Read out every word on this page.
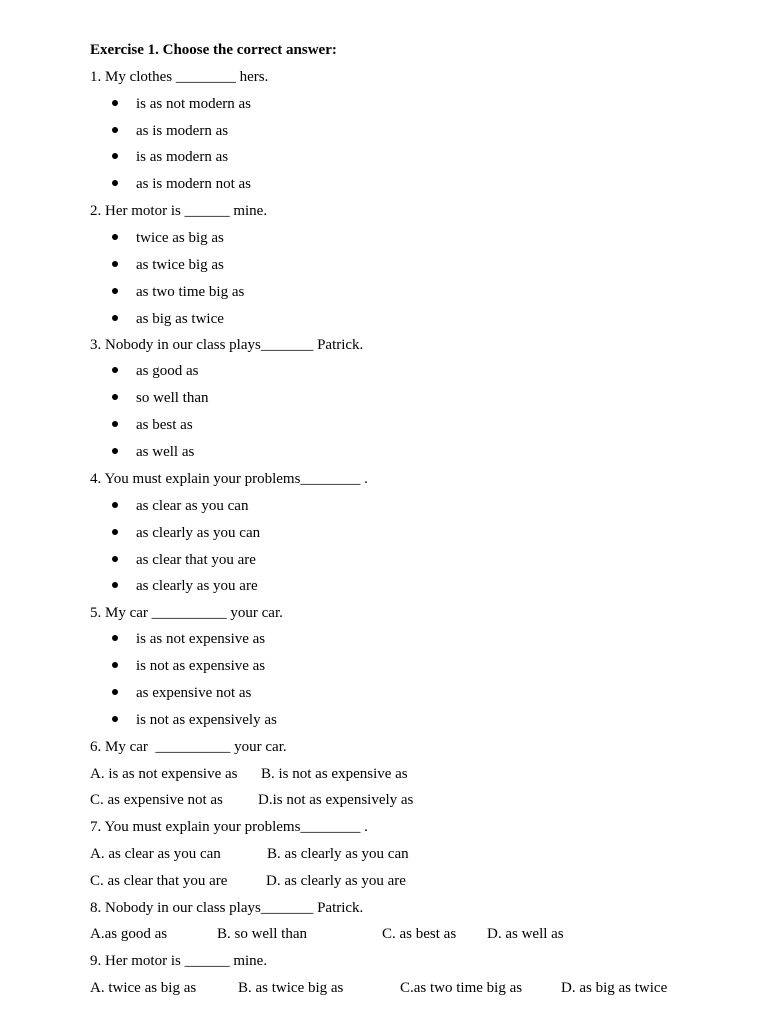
Exercise 1. Choose the correct answer:
1. My clothes ________ hers.
is as not modern as
as is modern as
is as modern as
as is modern not as
2. Her motor is ______ mine.
twice as big as
as twice big as
as two time big as
as big as twice
3. Nobody in our class plays_______ Patrick.
as good as
so well than
as best as
as well as
4. You must explain your problems________ .
as clear as you can
as clearly as you can
as clear that you are
as clearly as you are
5. My car __________ your car.
is as not expensive as
is not as expensive as
as expensive not as
is not as expensively as
6. My car  __________ your car.
A. is as not expensive as B. is not as expensive as
C. as expensive not as D.is not as expensively as
7. You must explain your problems________ .
A. as clear as you can	B. as clearly as you can
C. as clear that you are	D. as clearly as you are
8. Nobody in our class plays_______ Patrick.
A.as good as	B. so well than	C. as best as D. as well as
9. Her motor is ______ mine.
A. twice as big as	B. as twice big as	C.as two time big as	D. as big as twice
